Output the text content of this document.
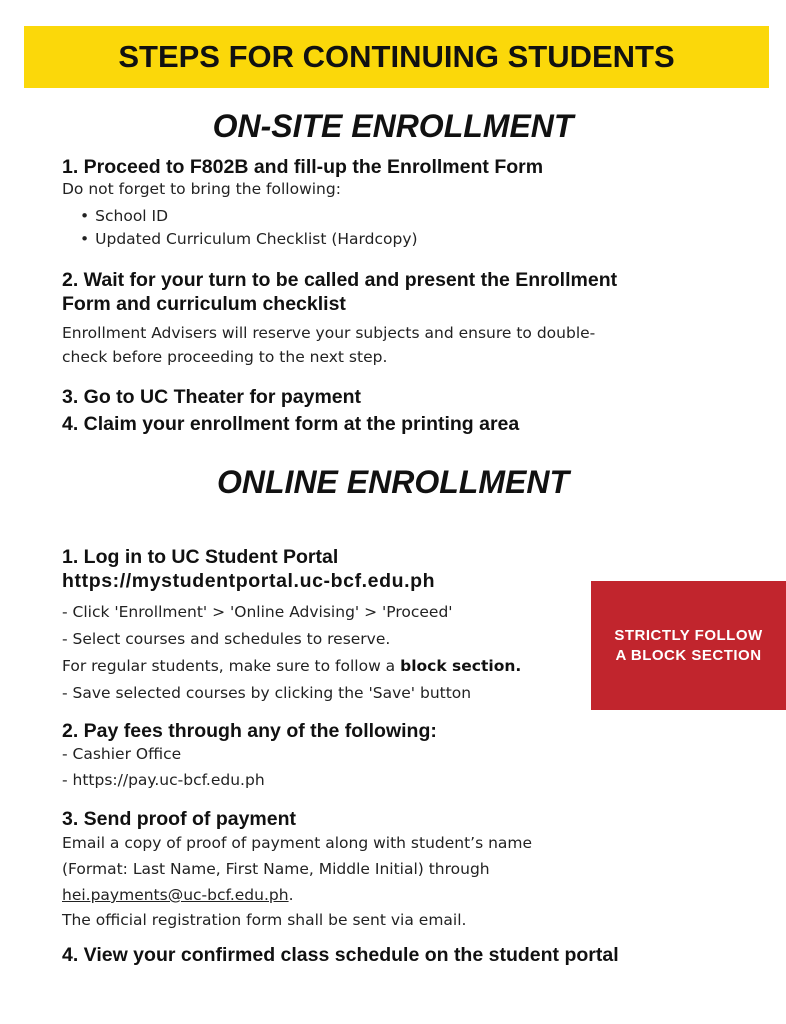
STEPS FOR CONTINUING STUDENTS
ON-SITE ENROLLMENT
1. Proceed to F802B and fill-up the Enrollment Form
Do not forget to bring the following:
• School ID
• Updated Curriculum Checklist (Hardcopy)
2. Wait for your turn to be called and present the Enrollment
Form and curriculum checklist
Enrollment Advisers will reserve your subjects and ensure to double-
check before proceeding to the next step.
3. Go to UC Theater for payment
4. Claim your enrollment form at the printing area
ONLINE ENROLLMENT
1. Log in to UC Student Portal
https://mystudentportal.uc-bcf.edu.ph
- Click 'Enrollment' > 'Online Advising' > 'Proceed'
- Select courses and schedules to reserve.
For regular students, make sure to follow a block section.
- Save selected courses by clicking the 'Save' button
2. Pay fees through any of the following:
- Cashier Office
- https://pay.uc-bcf.edu.ph
3. Send proof of payment
Email a copy of proof of payment along with student’s name
(Format: Last Name, First Name, Middle Initial) through
hei.payments@uc-bcf.edu.ph.
The official registration form shall be sent via email.
4. View your confirmed class schedule on the student portal
STRICTLY FOLLOW
A BLOCK SECTION
